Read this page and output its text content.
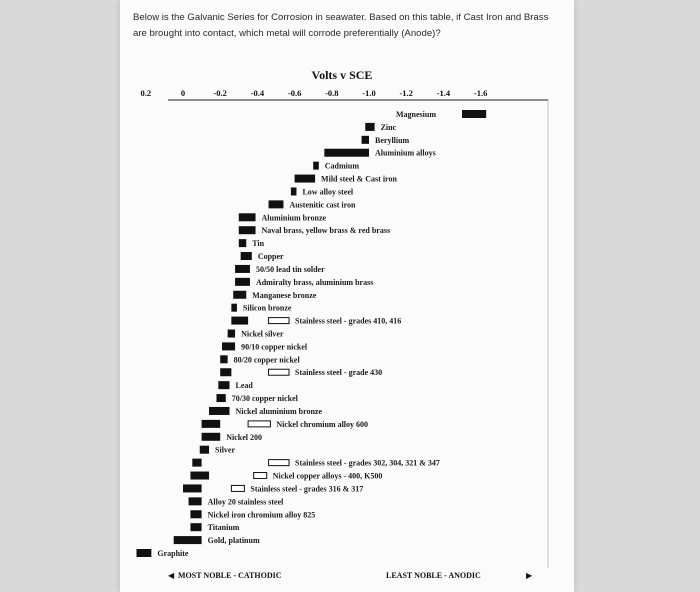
Below is the Galvanic Series for Corrosion in seawater. Based on this table, if Cast Iron and Brass are brought into contact, which metal will corrode preferentially (Anode)?

Volts v SCE
0.2	0	-0.2	-0.4	-0.6	-0.8	-1.0	-1.2	-1.4	-1.6
Magnesium
Zinc
Beryllium
Aluminium alloys
Cadmium
Mild steel & Cast iron
Low alloy steel
Austenitic cast iron
Aluminium bronze
Naval brass, yellow brass & red brass
Tin
Copper
50/50 lead tin solder
Admiralty brass, aluminium brass
Manganese bronze
Silicon bronze
Stainless steel - grades 410, 416
Nickel silver
90/10 copper nickel
80/20 copper nickel
Stainless steel - grade 430
Lead
70/30 copper nickel
Nickel aluminium bronze
Nickel chromium alloy 600
Nickel 200
Silver
Stainless steel - grades 302, 304, 321 & 347
Nickel copper alloys - 400, K500
Stainless steel - grades 316 & 317
Alloy 20 stainless steel
Nickel iron chromium alloy 825
Titanium
Gold, platinum
Graphite
MOST NOBLE - CATHODIC
◀	LEAST NOBLE - ANODIC	▶
